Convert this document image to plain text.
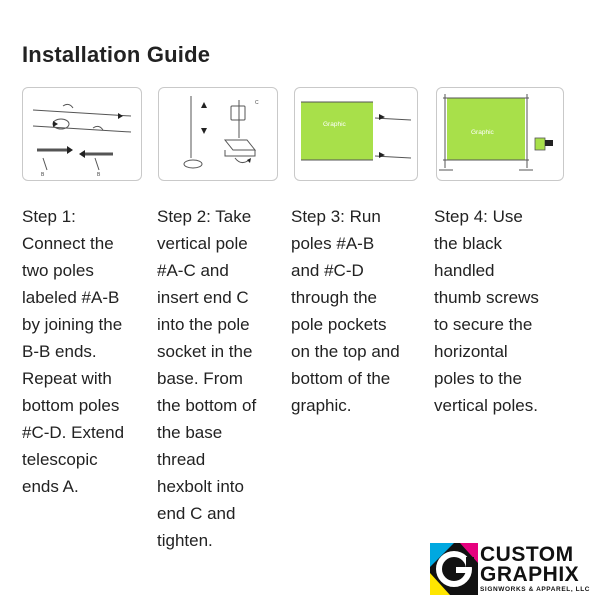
Installation Guide
B	B
C
Graphic
Graphic
Step 1:
Connect the
two poles
labeled #A-B
by joining the
B-B ends.
Repeat with
bottom poles
#C-D. Extend
telescopic
ends A.
Step 2: Take
vertical pole
#A-C and
insert end C
into the pole
socket in the
base. From
the bottom of
the base
thread
hexbolt into
end C and
tighten.
Step 3: Run
poles #A-B
and #C-D
through the
pole pockets
on the top and
bottom of the
graphic.
Step 4: Use
the black
handled
thumb screws
to secure the
horizontal
poles to the
vertical poles.
CUSTOM
GRAPHIX
SIGNWORKS & APPAREL, LLC
